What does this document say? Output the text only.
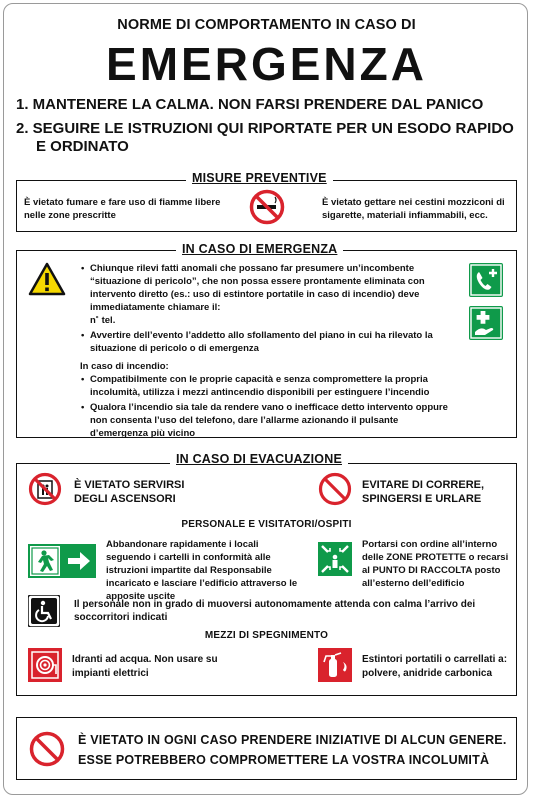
NORME DI COMPORTAMENTO IN CASO DI
EMERGENZA
1. MANTENERE LA CALMA. NON FARSI PRENDERE DAL PANICO
2. SEGUIRE LE ISTRUZIONI QUI RIPORTATE PER UN ESODO RAPIDO
E ORDINATO
MISURE PREVENTIVE
È vietato fumare e fare uso di fiamme libere nelle zone prescritte
È vietato gettare nei cestini mozziconi di sigarette, materiali infiammabili, ecc.
IN CASO DI EMERGENZA
• Chiunque rilevi fatti anomali che possano far presumere un’incombente “situazione di pericolo”, che non possa essere prontamente eliminata con intervento diretto (es.: uso di estintore portatile in caso di incendio) deve immediatamente chiamare il:
n˚ tel.
• Avvertire dell’evento l’addetto allo sfollamento del piano in cui ha rilevato la situazione di pericolo o di emergenza
In caso di incendio:
• Compatibilmente con le proprie capacità e senza compromettere la propria incolumità, utilizza i mezzi antincendio disponibili per estinguere l’incendio
• Qualora l’incendio sia tale da rendere vano o inefficace detto intervento oppure non consenta l’uso del telefono, dare l’allarme azionando il pulsante d’emergenza più vicino
IN CASO DI EVACUAZIONE
È VIETATO SERVIRSI DEGLI ASCENSORI
EVITARE DI CORRERE, SPINGERSI E URLARE
PERSONALE E VISITATORI/OSPITI
Abbandonare rapidamente i locali seguendo i cartelli in conformità alle istruzioni impartite dal Responsabile incaricato e lasciare l’edificio attraverso le apposite uscite
Portarsi con ordine all’interno delle ZONE PROTETTE o recarsi al PUNTO DI RACCOLTA posto all’esterno dell’edificio
Il personale non in grado di muoversi autonomamente attenda con calma l’arrivo dei soccorritori indicati
MEZZI DI SPEGNIMENTO
Idranti ad acqua. Non usare su impianti elettrici
Estintori portatili o carrellati a: polvere, anidride carbonica
È VIETATO IN OGNI CASO PRENDERE INIZIATIVE DI ALCUN GENERE.
ESSE POTREBBERO COMPROMETTERE LA VOSTRA INCOLUMITÀ
